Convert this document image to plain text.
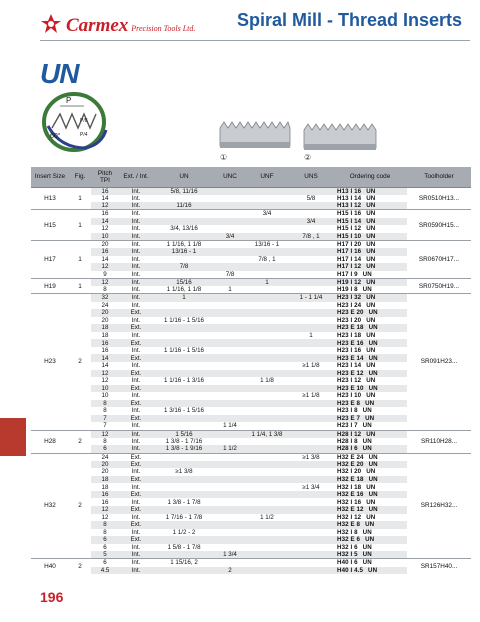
Carmex Precision Tools Ltd. Spiral Mill - Thread Inserts
UN
P
60°
P/8
P/4
①	②
Insert Size	Fig.	Pitch
TPI	Ext. / Int.	UN	UNC	UNF	UNS	Ordering code	Toolholder
H13	1	16	Int.	5/8, 11/16				H13 I 16 UN	SR0510H13...
		14	Int.				5/8	H13 I 14 UN	
		12	Int.	11/16				H13 I 12 UN	
H15	1	16	Int.			3/4		H15 I 16 UN	SR0590H15...
		14	Int.				3/4	H15 I 14 UN	
		12	Int.	3/4, 13/16				H15 I 12 UN	
		10	Int.		3/4		7/8 , 1	H15 I 10 UN	
H17	1	20	Int.	1 1/16, 1 1/8		13/16 - 1		H17 I 20 UN	SR0670H17...
		16	Int.	13/16 - 1				H17 I 16 UN	
		14	Int.			7/8 , 1		H17 I 14 UN	
		12	Int.	7/8				H17 I 12 UN	
		9	Int.		7/8			H17 I 9 UN	
H19	1	12	Int.	15/16		1		H19 I 12 UN	SR0750H19...
		8	Int.	1 1/16, 1 1/8	1			H19 I 8 UN	
H23	2	32	Int.	1			1 - 1 1/4	H23 I 32 UN	SR091H23...
		24	Int.					H23 I 24 UN	
		20	Ext.					H23 E 20 UN	
		20	Int.	1 1/16 - 1 5/16				H23 I 20 UN	
		18	Ext.					H23 E 18 UN	
		18	Int.				1	H23 I 18 UN	
		16	Ext.					H23 E 16 UN	
		16	Int.	1 1/16 - 1 5/16				H23 I 16 UN	
		14	Ext.					H23 E 14 UN	
		14	Int.				≥1 1/8	H23 I 14 UN	
		12	Ext.					H23 E 12 UN	
		12	Int.	1 1/16 - 1 3/16		1 1/8		H23 I 12 UN	
		10	Ext.					H23 E 10 UN	
		10	Int.				≥1 1/8	H23 I 10 UN	
		8	Ext.					H23 E 8 UN	
		8	Int.	1 3/16 - 1 5/16				H23 I 8 UN	
		7	Ext.					H23 E 7 UN	
		7	Int.		1 1/4			H23 I 7 UN	
H28	2	12	Int.	1 5/16		1 1/4, 1 3/8		H28 I 12 UN	SR110H28...
		8	Int.	1 3/8 - 1 7/16				H28 I 8 UN	
		6	Int.	1 3/8 - 1 9/16	1 1/2			H28 I 6 UN	
H32	2	24	Ext.				≥1 3/8	H32 E 24 UN	SR126H32...
		20	Ext.					H32 E 20 UN	
		20	Int.	≥1 3/8				H32 I 20 UN	
		18	Ext.					H32 E 18 UN	
		18	Int.				≥1 3/4	H32 I 18 UN	
		16	Ext.					H32 E 16 UN	
		16	Int.	1 3/8 - 1 7/8				H32 I 16 UN	
		12	Ext.					H32 E 12 UN	
		12	Int.	1 7/16 - 1 7/8		1 1/2		H32 I 12 UN	
		8	Ext.					H32 E 8 UN	
		8	Int.	1 1/2 - 2				H32 I 8 UN	
		6	Ext.					H32 E 6 UN	
		6	Int.	1 5/8 - 1 7/8				H32 I 6 UN	
		5	Int.		1 3/4			H32 I 5 UN	
H40	2	6	Int.	1 15/16, 2				H40 I 6 UN	SR157H40...
		4.5	Int.		2			H40 I 4.5 UN	
196
